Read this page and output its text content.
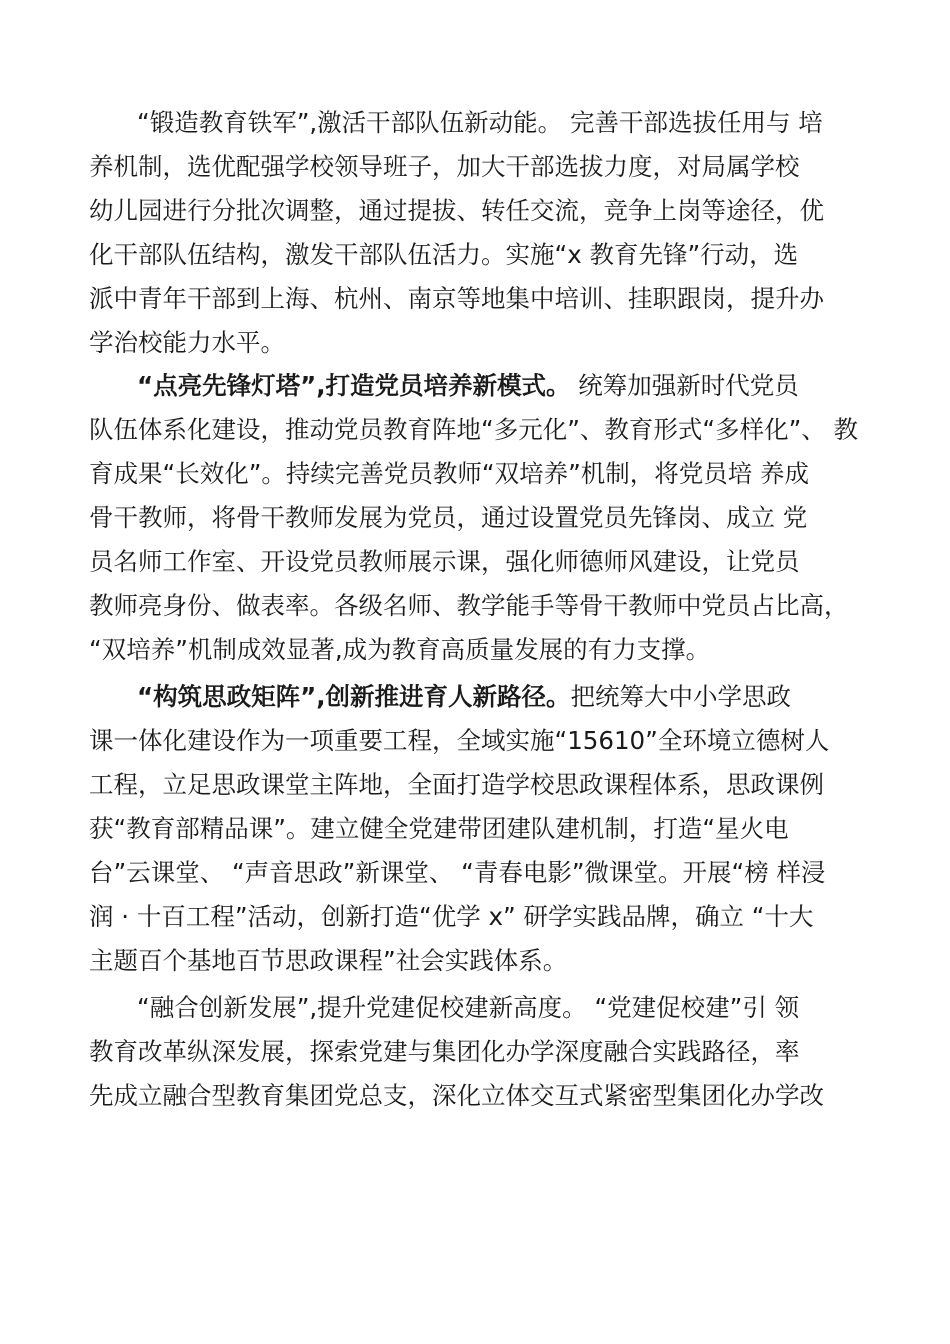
“锻造教育铁军”,激活干部队伍新动能。 完善干部选拔任用与 培
养机制，选优配强学校领导班子，加大干部选拔力度，对局属学校
幼儿园进行分批次调整，通过提拔、转任交流，竞争上岗等途径，优
化干部队伍结构，激发干部队伍活力。实施“x 教育先锋”行动，选
派中青年干部到上海、杭州、南京等地集中培训、挂职跟岗，提升办
学治校能力水平。
“点亮先锋灯塔”,打造党员培养新模式。 统筹加强新时代党员
队伍体系化建设，推动党员教育阵地“多元化”、教育形式“多样化”、 教
育成果“长效化”。持续完善党员教师“双培养”机制，将党员培 养成
骨干教师，将骨干教师发展为党员，通过设置党员先锋岗、成立 党
员名师工作室、开设党员教师展示课，强化师德师风建设，让党员
教师亮身份、做表率。各级名师、教学能手等骨干教师中党员占比高，
“双培养”机制成效显著,成为教育高质量发展的有力支撑。
“构筑思政矩阵”,创新推进育人新路径。把统筹大中小学思政
课一体化建设作为一项重要工程，全域实施“15610”全环境立德树人
工程，立足思政课堂主阵地，全面打造学校思政课程体系，思政课例
获“教育部精品课”。建立健全党建带团建队建机制，打造“星火电
台”云课堂、 “声音思政”新课堂、 “青春电影”微课堂。开展“榜 样浸
润 · 十百工程”活动，创新打造“优学 x” 研学实践品牌，确立 “十大
主题百个基地百节思政课程”社会实践体系。
“融合创新发展”,提升党建促校建新高度。 “党建促校建”引 领
教育改革纵深发展，探索党建与集团化办学深度融合实践路径，率
先成立融合型教育集团党总支，深化立体交互式紧密型集团化办学改
